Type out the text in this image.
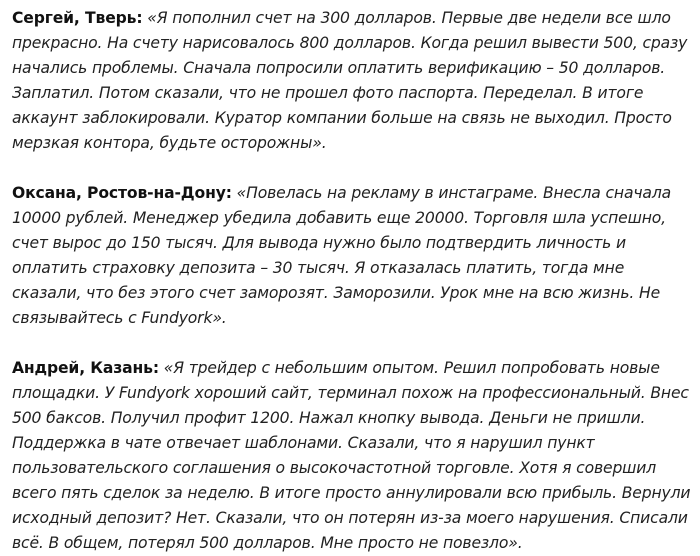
Сергей, Тверь: «Я пополнил счет на 300 долларов. Первые две недели все шло прекрасно. На счету нарисовалось 800 долларов. Когда решил вывести 500, сразу начались проблемы. Сначала попросили оплатить верификацию – 50 долларов. Заплатил. Потом сказали, что не прошел фото паспорта. Переделал. В итоге аккаунт заблокировали. Куратор компании больше на связь не выходил. Просто мерзкая контора, будьте осторожны».

Оксана, Ростов-на-Дону: «Повелась на рекламу в инстаграме. Внесла сначала 10000 рублей. Менеджер убедила добавить еще 20000. Торговля шла успешно, счет вырос до 150 тысяч. Для вывода нужно было подтвердить личность и оплатить страховку депозита – 30 тысяч. Я отказалась платить, тогда мне сказали, что без этого счет заморозят. Заморозили. Урок мне на всю жизнь. Не связывайтесь с Fundyork».

Андрей, Казань: «Я трейдер с небольшим опытом. Решил попробовать новые площадки. У Fundyork хороший сайт, терминал похож на профессиональный. Внес 500 баксов. Получил профит 1200. Нажал кнопку вывода. Деньги не пришли. Поддержка в чате отвечает шаблонами. Сказали, что я нарушил пункт пользовательского соглашения о высокочастотной торговле. Хотя я совершил всего пять сделок за неделю. В итоге просто аннулировали всю прибыль. Вернули исходный депозит? Нет. Сказали, что он потерян из-за моего нарушения. Списали всё. В общем, потерял 500 долларов. Мне просто не повезло».
